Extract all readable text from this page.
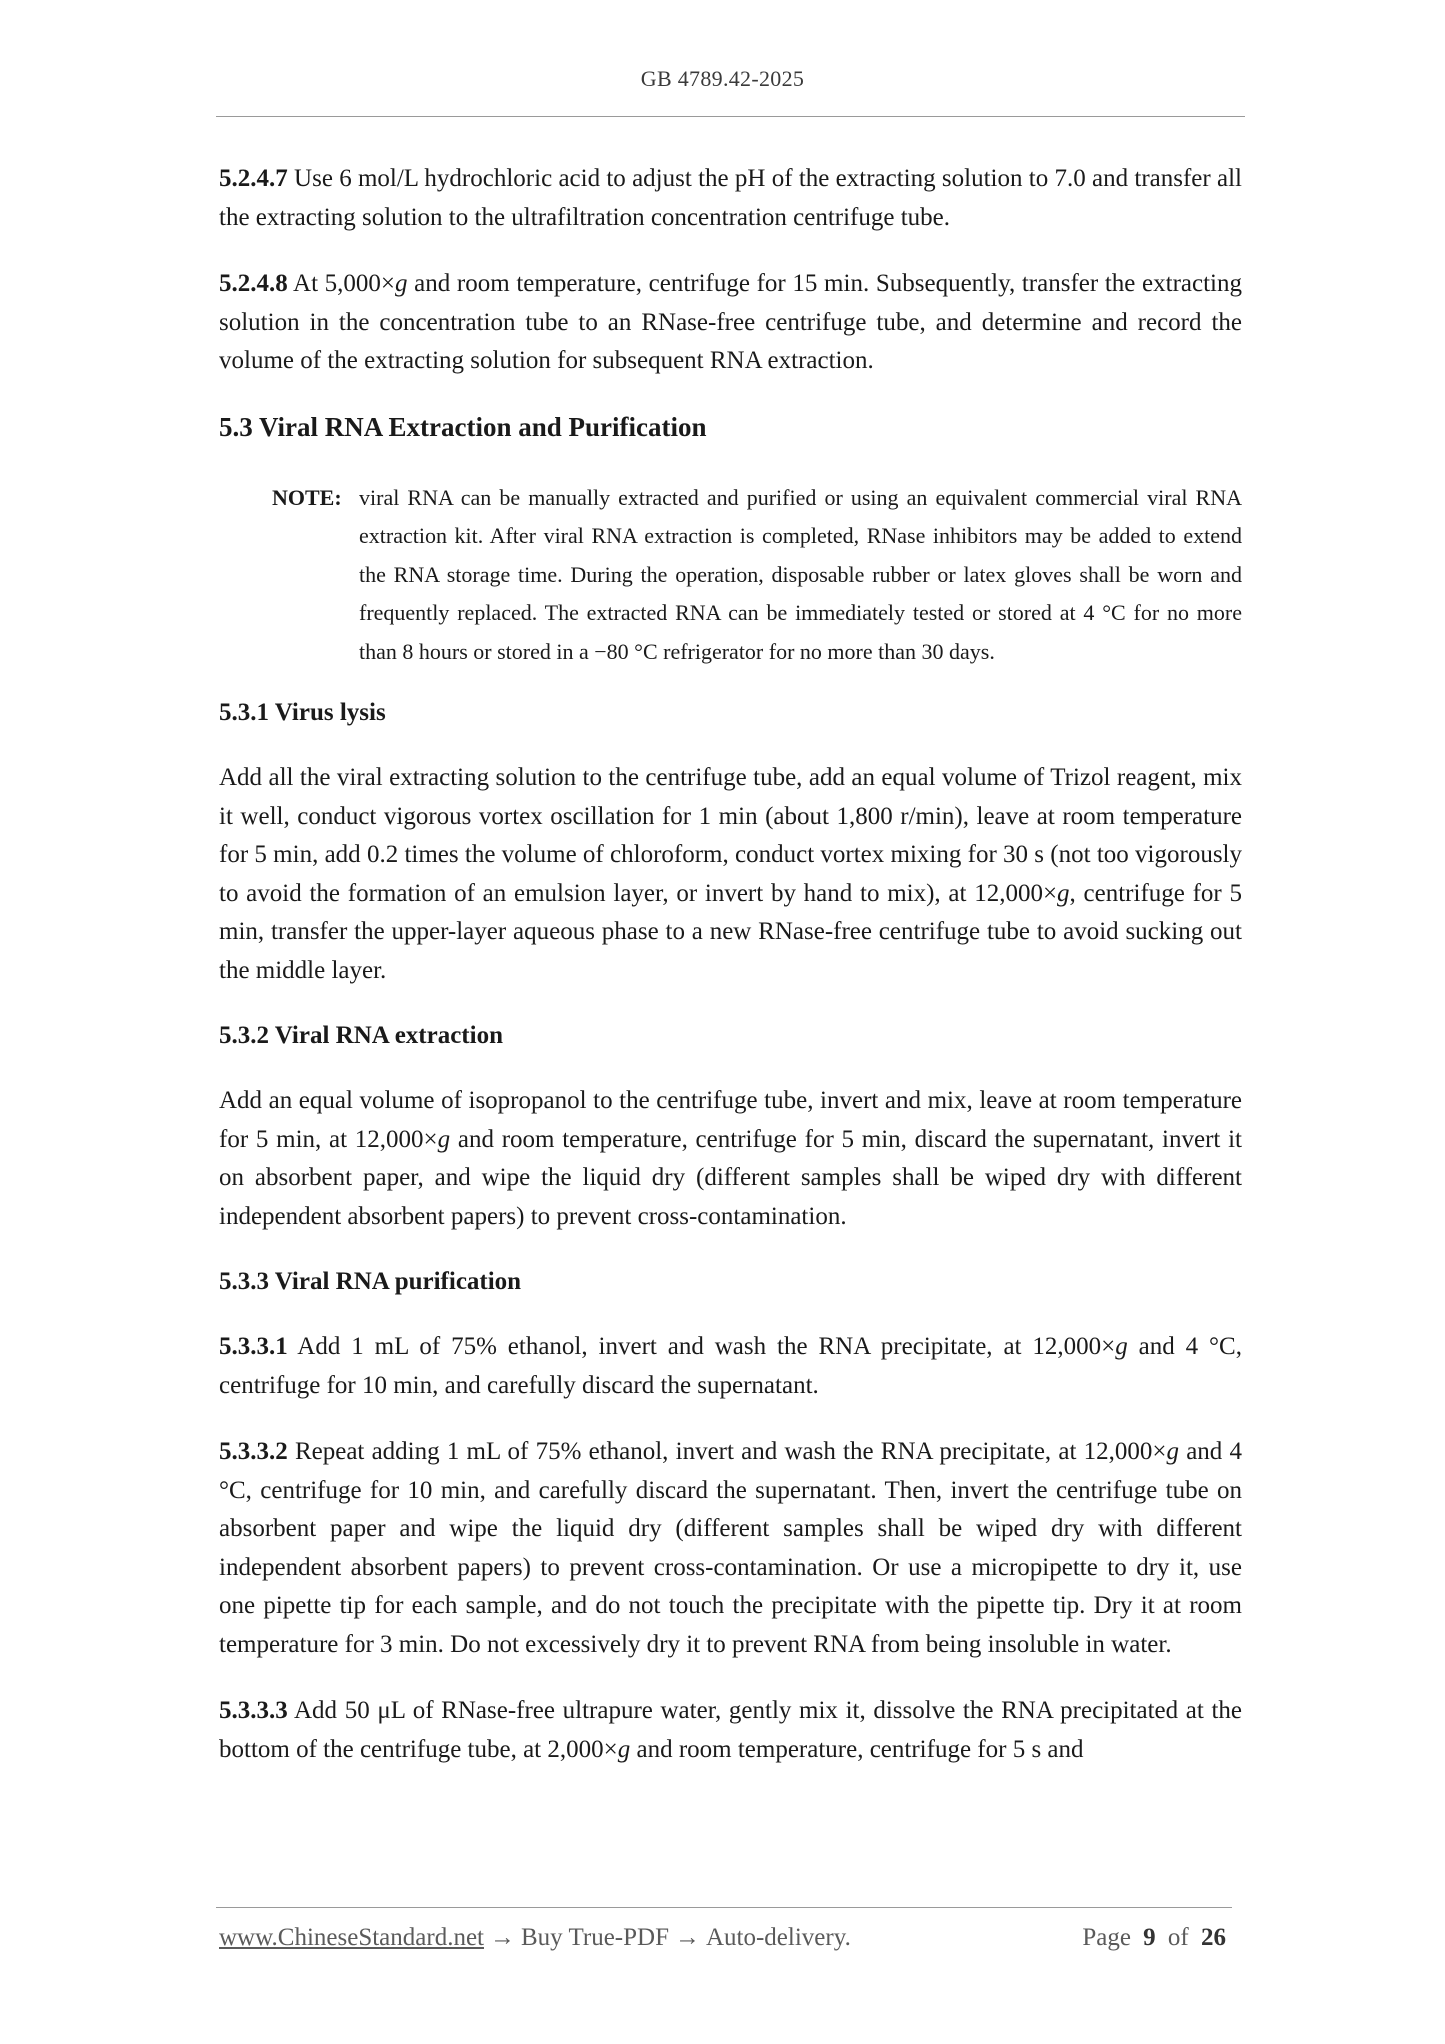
GB 4789.42-2025

5.2.4.7 Use 6 mol/L hydrochloric acid to adjust the pH of the extracting solution to 7.0 and transfer all the extracting solution to the ultrafiltration concentration centrifuge tube.

5.2.4.8 At 5,000×g and room temperature, centrifuge for 15 min. Subsequently, transfer the extracting solution in the concentration tube to an RNase-free centrifuge tube, and determine and record the volume of the extracting solution for subsequent RNA extraction.

5.3 Viral RNA Extraction and Purification
NOTE: viral RNA can be manually extracted and purified or using an equivalent commercial viral RNA extraction kit. After viral RNA extraction is completed, RNase inhibitors may be added to extend the RNA storage time. During the operation, disposable rubber or latex gloves shall be worn and frequently replaced. The extracted RNA can be immediately tested or stored at 4 °C for no more than 8 hours or stored in a −80 °C refrigerator for no more than 30 days.
5.3.1 Virus lysis

Add all the viral extracting solution to the centrifuge tube, add an equal volume of Trizol reagent, mix it well, conduct vigorous vortex oscillation for 1 min (about 1,800 r/min), leave at room temperature for 5 min, add 0.2 times the volume of chloroform, conduct vortex mixing for 30 s (not too vigorously to avoid the formation of an emulsion layer, or invert by hand to mix), at 12,000×g, centrifuge for 5 min, transfer the upper-layer aqueous phase to a new RNase-free centrifuge tube to avoid sucking out the middle layer.

5.3.2 Viral RNA extraction

Add an equal volume of isopropanol to the centrifuge tube, invert and mix, leave at room temperature for 5 min, at 12,000×g and room temperature, centrifuge for 5 min, discard the supernatant, invert it on absorbent paper, and wipe the liquid dry (different samples shall be wiped dry with different independent absorbent papers) to prevent cross-contamination.

5.3.3 Viral RNA purification

5.3.3.1 Add 1 mL of 75% ethanol, invert and wash the RNA precipitate, at 12,000×g and 4 °C, centrifuge for 10 min, and carefully discard the supernatant.

5.3.3.2 Repeat adding 1 mL of 75% ethanol, invert and wash the RNA precipitate, at 12,000×g and 4 °C, centrifuge for 10 min, and carefully discard the supernatant. Then, invert the centrifuge tube on absorbent paper and wipe the liquid dry (different samples shall be wiped dry with different independent absorbent papers) to prevent cross-contamination. Or use a micropipette to dry it, use one pipette tip for each sample, and do not touch the precipitate with the pipette tip. Dry it at room temperature for 3 min. Do not excessively dry it to prevent RNA from being insoluble in water.

5.3.3.3 Add 50 μL of RNase-free ultrapure water, gently mix it, dissolve the RNA precipitated at the bottom of the centrifuge tube, at 2,000×g and room temperature, centrifuge for 5 s and

www.ChineseStandard.net → Buy True-PDF → Auto-delivery.	Page 9 of 26
